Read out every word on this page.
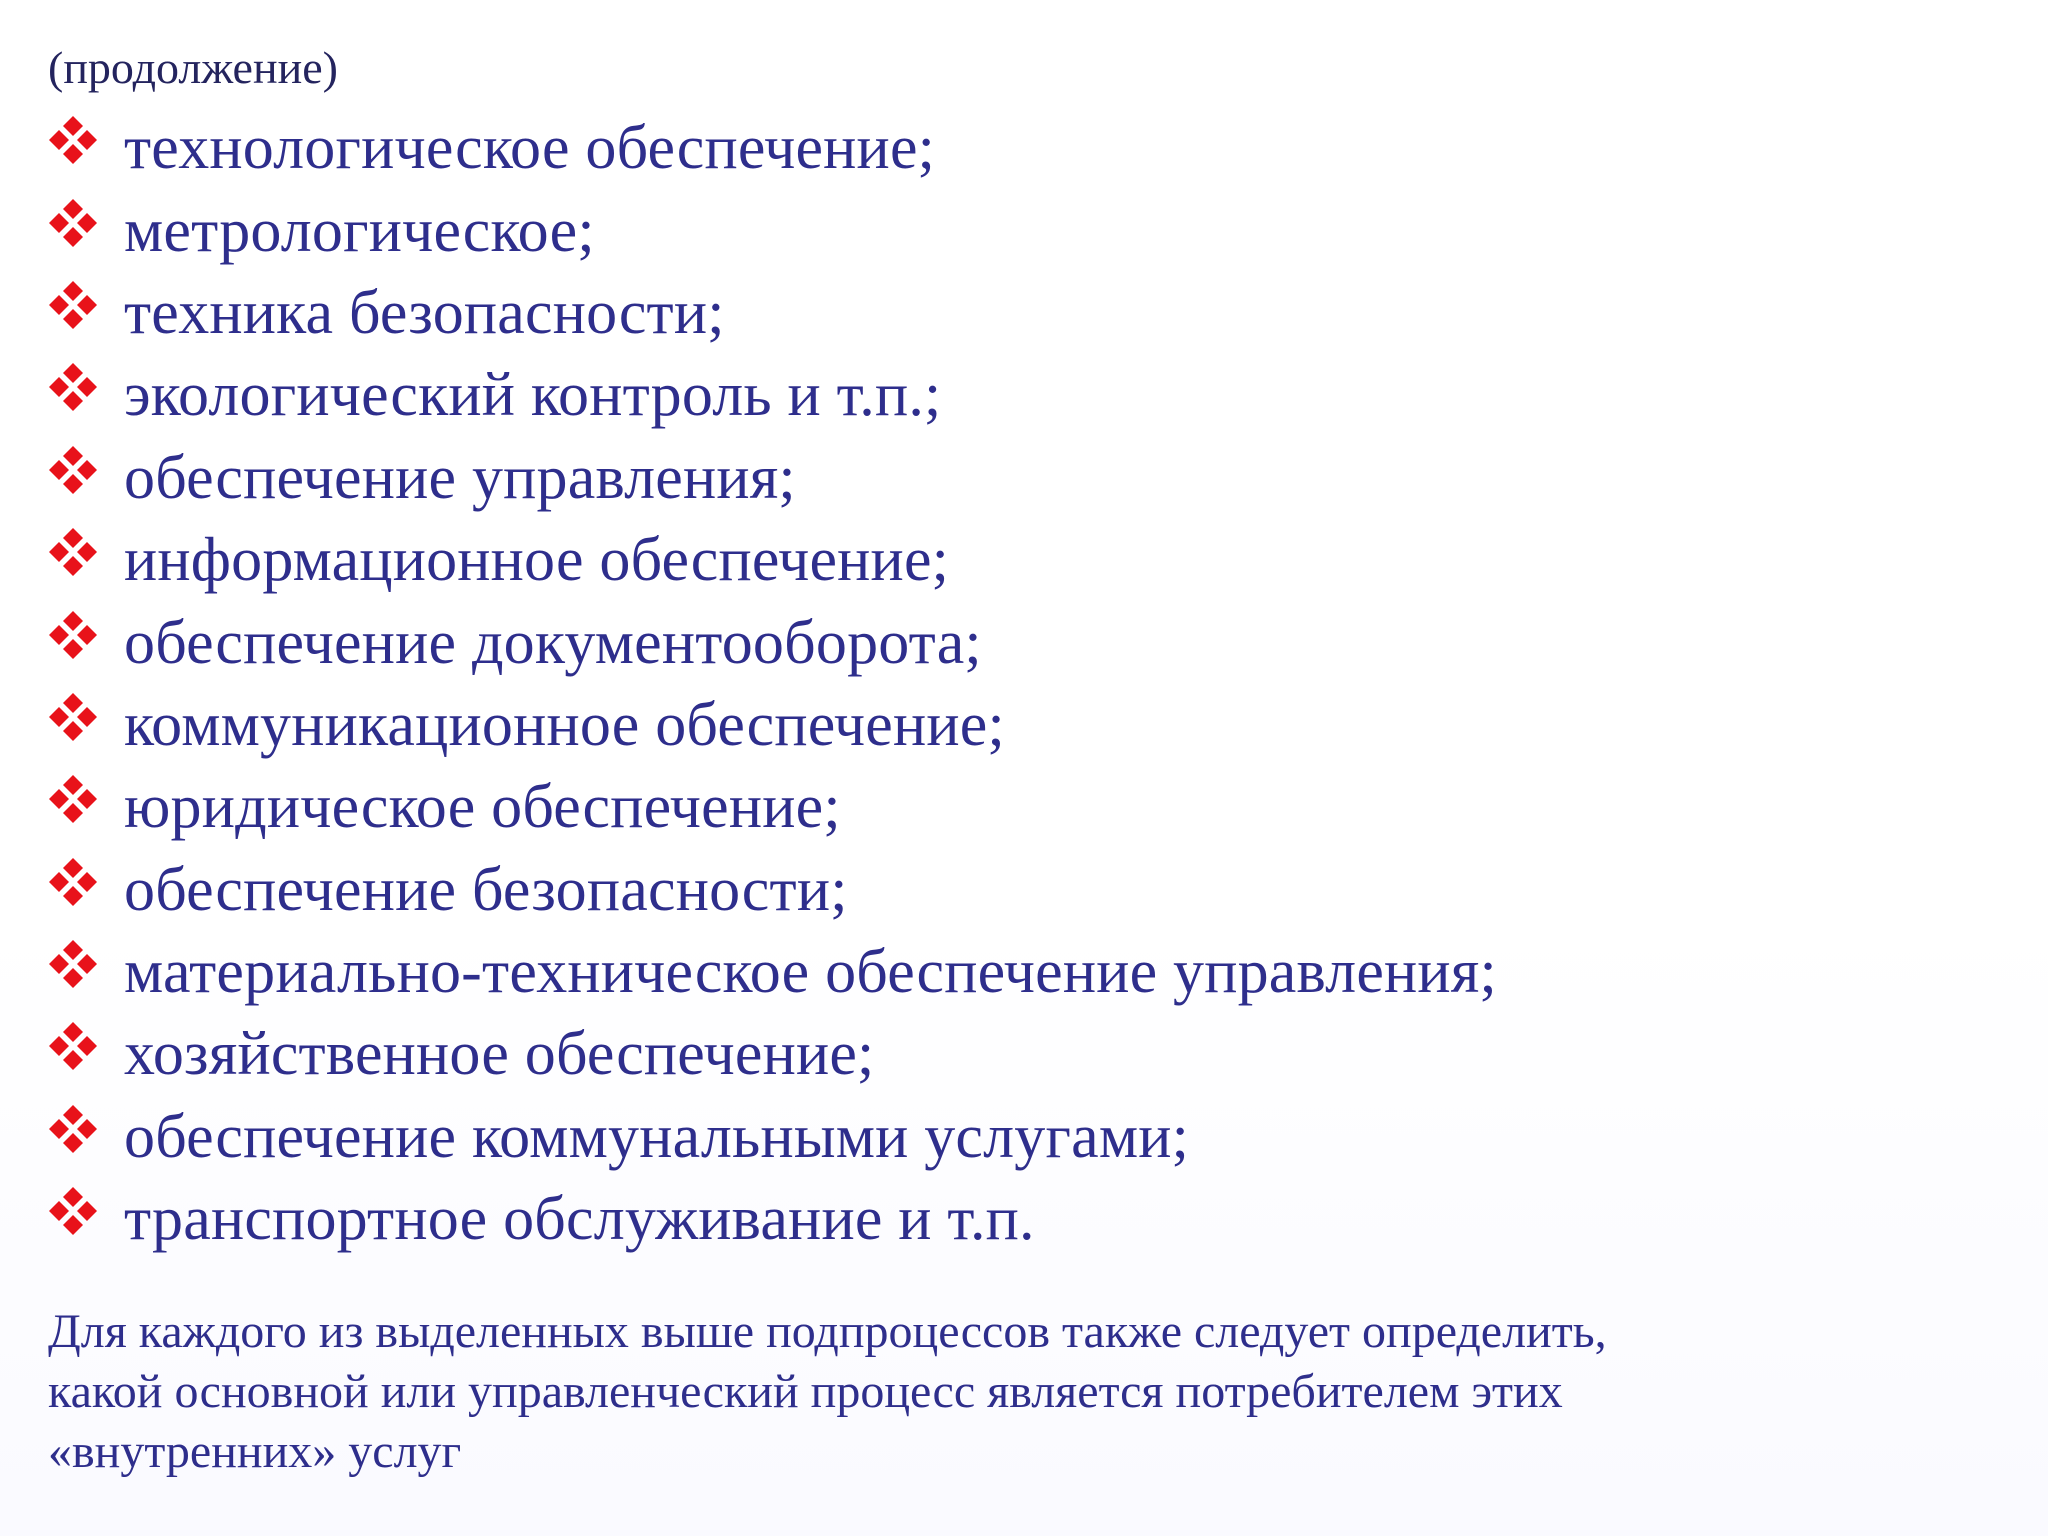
(продолжение)
технологическое обеспечение;
метрологическое;
техника безопасности;
экологический контроль и т.п.;
обеспечение управления;
информационное обеспечение;
обеспечение документооборота;
коммуникационное обеспечение;
юридическое обеспечение;
обеспечение безопасности;
материально-техническое обеспечение управления;
хозяйственное обеспечение;
обеспечение коммунальными услугами;
транспортное обслуживание и т.п.

Для каждого из выделенных выше подпроцессов также следует определить,
какой основной или управленческий процесс является потребителем этих
«внутренних» услуг
